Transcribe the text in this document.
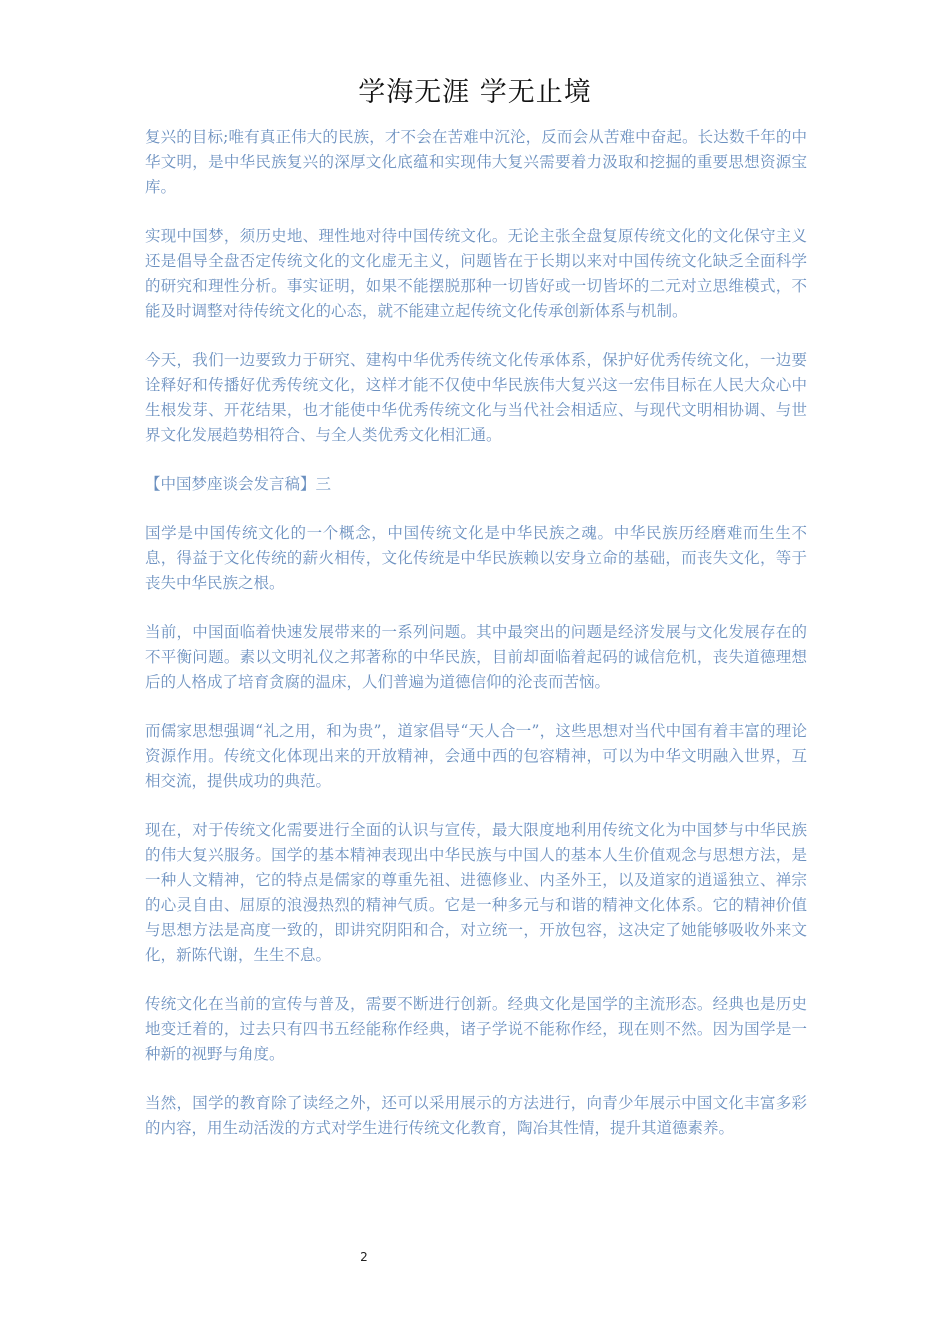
学海无涯 学无止境

复兴的目标;唯有真正伟大的民族，才不会在苦难中沉沦，反而会从苦难中奋起。长达数千年的中华文明，是中华民族复兴的深厚文化底蕴和实现伟大复兴需要着力汲取和挖掘的重要思想资源宝库。

实现中国梦，须历史地、理性地对待中国传统文化。无论主张全盘复原传统文化的文化保守主义还是倡导全盘否定传统文化的文化虚无主义，问题皆在于长期以来对中国传统文化缺乏全面科学的研究和理性分析。事实证明，如果不能摆脱那种一切皆好或一切皆坏的二元对立思维模式，不能及时调整对待传统文化的心态，就不能建立起传统文化传承创新体系与机制。

今天，我们一边要致力于研究、建构中华优秀传统文化传承体系，保护好优秀传统文化，一边要诠释好和传播好优秀传统文化，这样才能不仅使中华民族伟大复兴这一宏伟目标在人民大众心中生根发芽、开花结果，也才能使中华优秀传统文化与当代社会相适应、与现代文明相协调、与世界文化发展趋势相符合、与全人类优秀文化相汇通。

【中国梦座谈会发言稿】三

国学是中国传统文化的一个概念，中国传统文化是中华民族之魂。中华民族历经磨难而生生不息，得益于文化传统的薪火相传，文化传统是中华民族赖以安身立命的基础，而丧失文化，等于丧失中华民族之根。

当前，中国面临着快速发展带来的一系列问题。其中最突出的问题是经济发展与文化发展存在的不平衡问题。素以文明礼仪之邦著称的中华民族，目前却面临着起码的诚信危机，丧失道德理想后的人格成了培育贪腐的温床，人们普遍为道德信仰的沦丧而苦恼。

而儒家思想强调“礼之用，和为贵”，道家倡导“天人合一”，这些思想对当代中国有着丰富的理论资源作用。传统文化体现出来的开放精神，会通中西的包容精神，可以为中华文明融入世界，互相交流，提供成功的典范。

现在，对于传统文化需要进行全面的认识与宣传，最大限度地利用传统文化为中国梦与中华民族的伟大复兴服务。国学的基本精神表现出中华民族与中国人的基本人生价值观念与思想方法，是一种人文精神，它的特点是儒家的尊重先祖、进德修业、内圣外王，以及道家的逍遥独立、禅宗的心灵自由、屈原的浪漫热烈的精神气质。它是一种多元与和谐的精神文化体系。它的精神价值与思想方法是高度一致的，即讲究阴阳和合，对立统一，开放包容，这决定了她能够吸收外来文化，新陈代谢，生生不息。

传统文化在当前的宣传与普及，需要不断进行创新。经典文化是国学的主流形态。经典也是历史地变迁着的，过去只有四书五经能称作经典，诸子学说不能称作经，现在则不然。因为国学是一种新的视野与角度。

当然，国学的教育除了读经之外，还可以采用展示的方法进行，向青少年展示中国文化丰富多彩的内容，用生动活泼的方式对学生进行传统文化教育，陶冶其性情，提升其道德素养。

2
